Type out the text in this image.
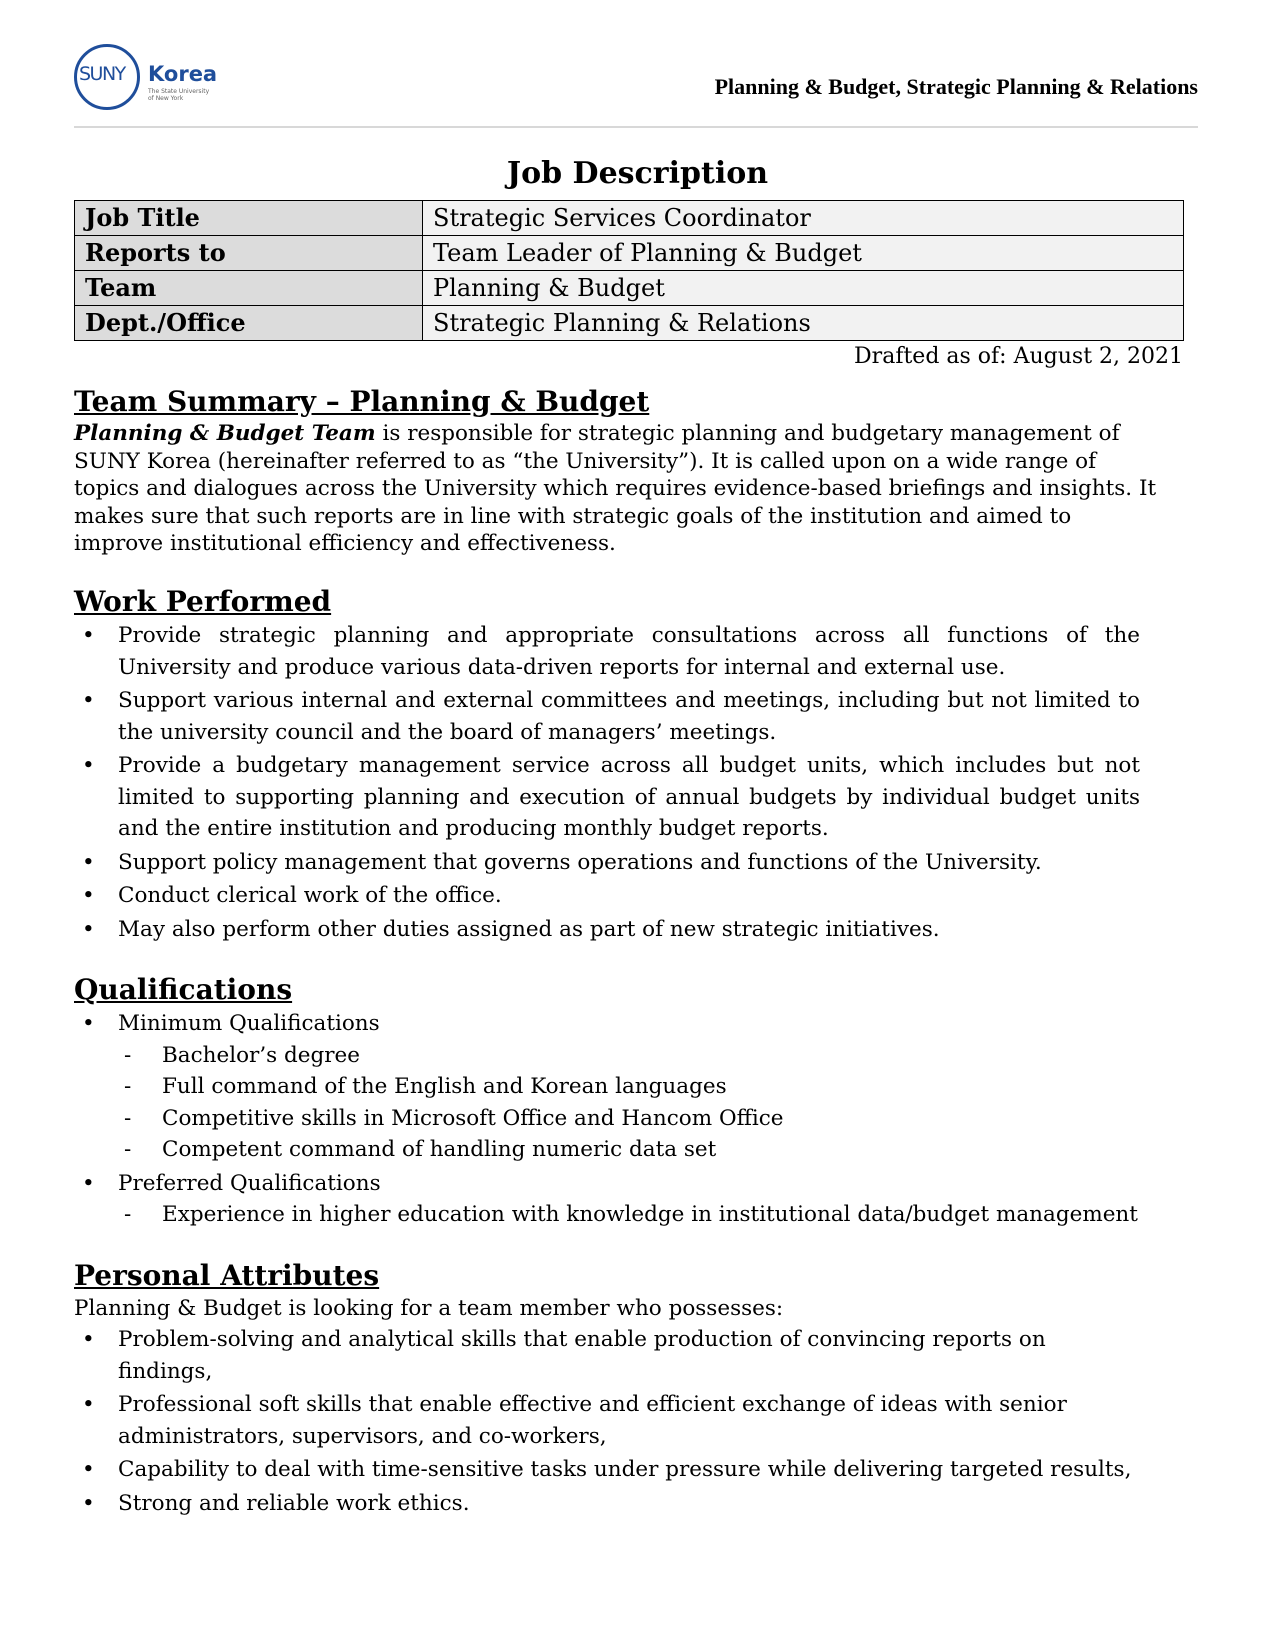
SUNY Korea
The State University
of New York	Planning & Budget, Strategic Planning & Relations
Job Description
Job Title	Strategic Services Coordinator
Reports to	Team Leader of Planning & Budget
Team	Planning & Budget
Dept./Office	Strategic Planning & Relations
Drafted as of: August 2, 2021
Team Summary – Planning & Budget

Planning & Budget Team is responsible for strategic planning and budgetary management of SUNY Korea (hereinafter referred to as “the University”). It is called upon on a wide range of topics and dialogues across the University which requires evidence-based briefings and insights. It makes sure that such reports are in line with strategic goals of the institution and aimed to improve institutional efficiency and effectiveness.

Work Performed
• Provide strategic planning and appropriate consultations across all functions of the University and produce various data-driven reports for internal and external use.
• Support various internal and external committees and meetings, including but not limited to the university council and the board of managers’ meetings.
• Provide a budgetary management service across all budget units, which includes but not limited to supporting planning and execution of annual budgets by individual budget units and the entire institution and producing monthly budget reports.
• Support policy management that governs operations and functions of the University.
• Conduct clerical work of the office.
• May also perform other duties assigned as part of new strategic initiatives.
Qualifications
• Minimum Qualifications
- Bachelor’s degree
- Full command of the English and Korean languages
- Competitive skills in Microsoft Office and Hancom Office
- Competent command of handling numeric data set
• Preferred Qualifications
- Experience in higher education with knowledge in institutional data/budget management
Personal Attributes

Planning & Budget is looking for a team member who possesses:

• Problem-solving and analytical skills that enable production of convincing reports on findings,
• Professional soft skills that enable effective and efficient exchange of ideas with senior administrators, supervisors, and co-workers,
• Capability to deal with time-sensitive tasks under pressure while delivering targeted results,
• Strong and reliable work ethics.
